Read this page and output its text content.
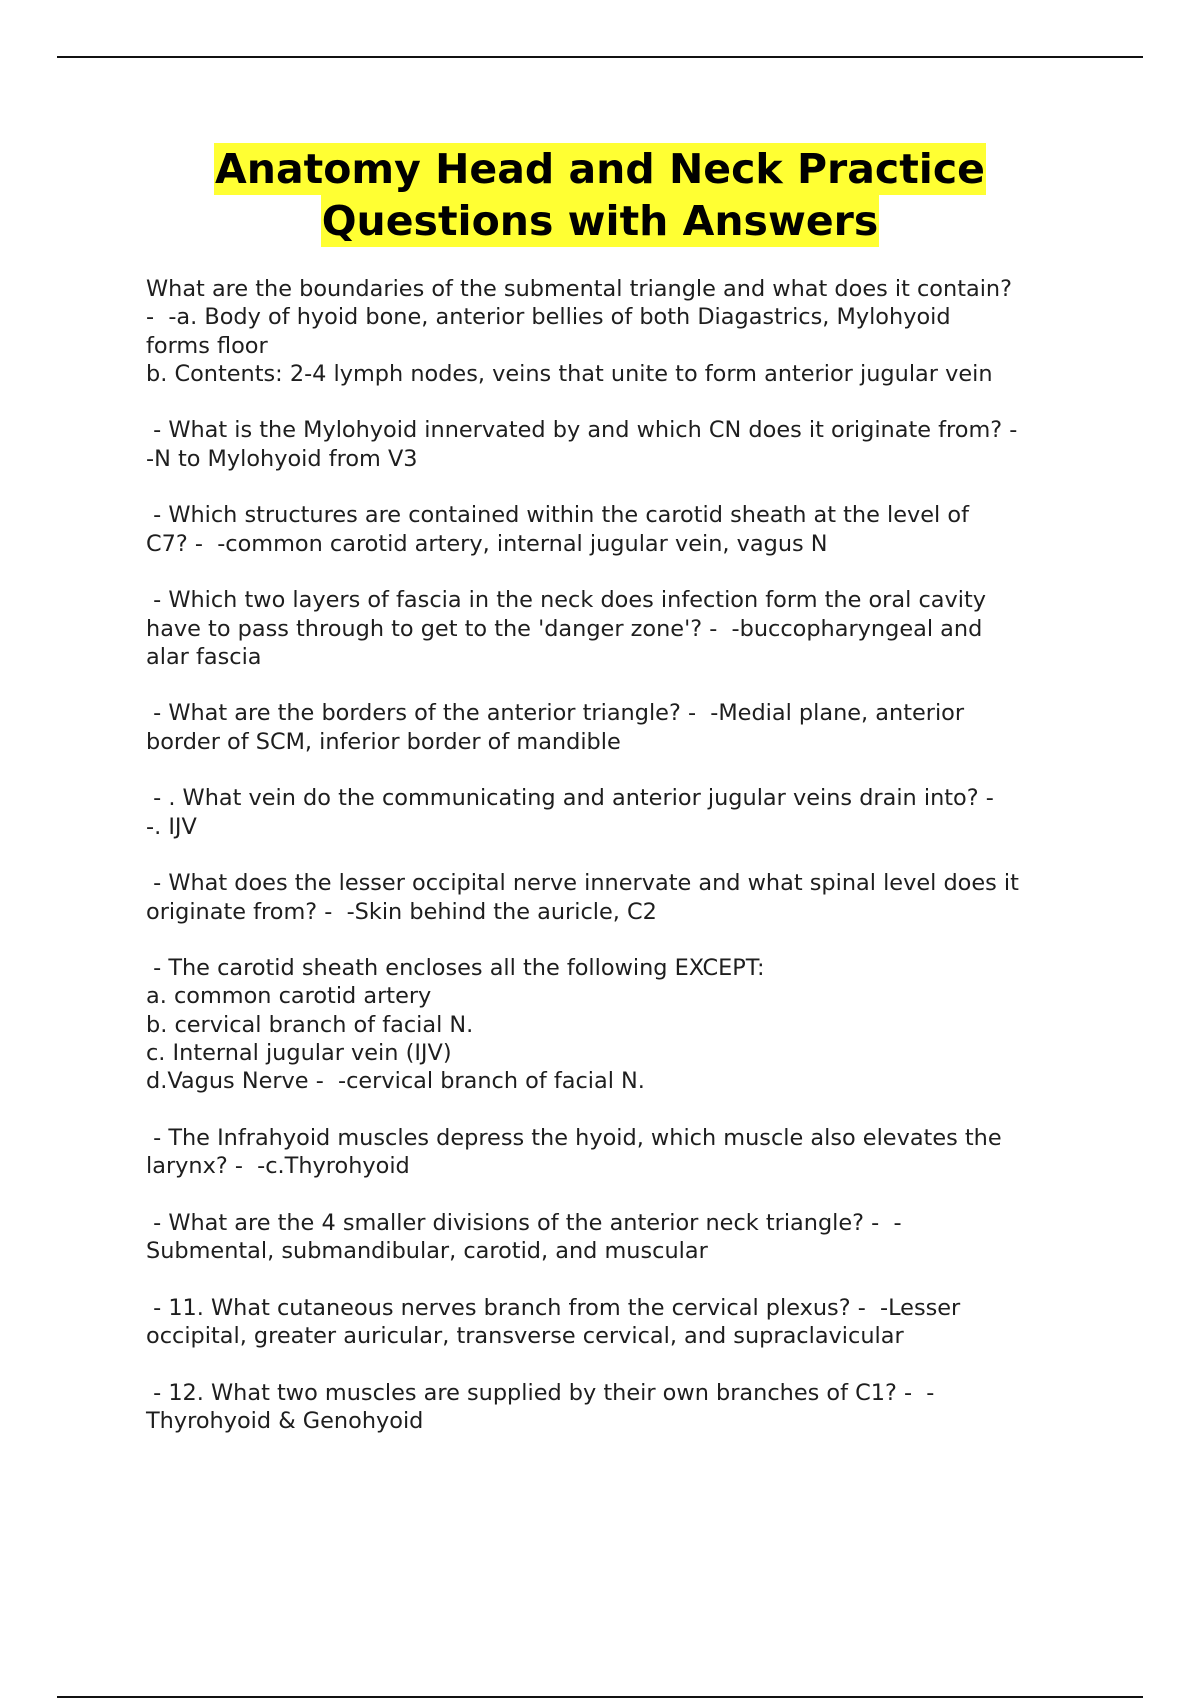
Anatomy Head and Neck Practice
Questions with Answers
What are the boundaries of the submental triangle and what does it contain?
-  -a. Body of hyoid bone, anterior bellies of both Diagastrics, Mylohyoid
forms floor
b. Contents: 2-4 lymph nodes, veins that unite to form anterior jugular vein
- What is the Mylohyoid innervated by and which CN does it originate from? -
-N to Mylohyoid from V3
- Which structures are contained within the carotid sheath at the level of
C7? -  -common carotid artery, internal jugular vein, vagus N
- Which two layers of fascia in the neck does infection form the oral cavity
have to pass through to get to the 'danger zone'? -  -buccopharyngeal and
alar fascia
- What are the borders of the anterior triangle? -  -Medial plane, anterior
border of SCM, inferior border of mandible
- . What vein do the communicating and anterior jugular veins drain into? -
-. IJV
- What does the lesser occipital nerve innervate and what spinal level does it
originate from? -  -Skin behind the auricle, C2
- The carotid sheath encloses all the following EXCEPT:
a. common carotid artery
b. cervical branch of facial N.
c. Internal jugular vein (IJV)
d.Vagus Nerve -  -cervical branch of facial N.
- The Infrahyoid muscles depress the hyoid, which muscle also elevates the
larynx? -  -c.Thyrohyoid
- What are the 4 smaller divisions of the anterior neck triangle? -  -
Submental, submandibular, carotid, and muscular
- 11. What cutaneous nerves branch from the cervical plexus? -  -Lesser
occipital, greater auricular, transverse cervical, and supraclavicular
- 12. What two muscles are supplied by their own branches of C1? -  -
Thyrohyoid & Genohyoid
